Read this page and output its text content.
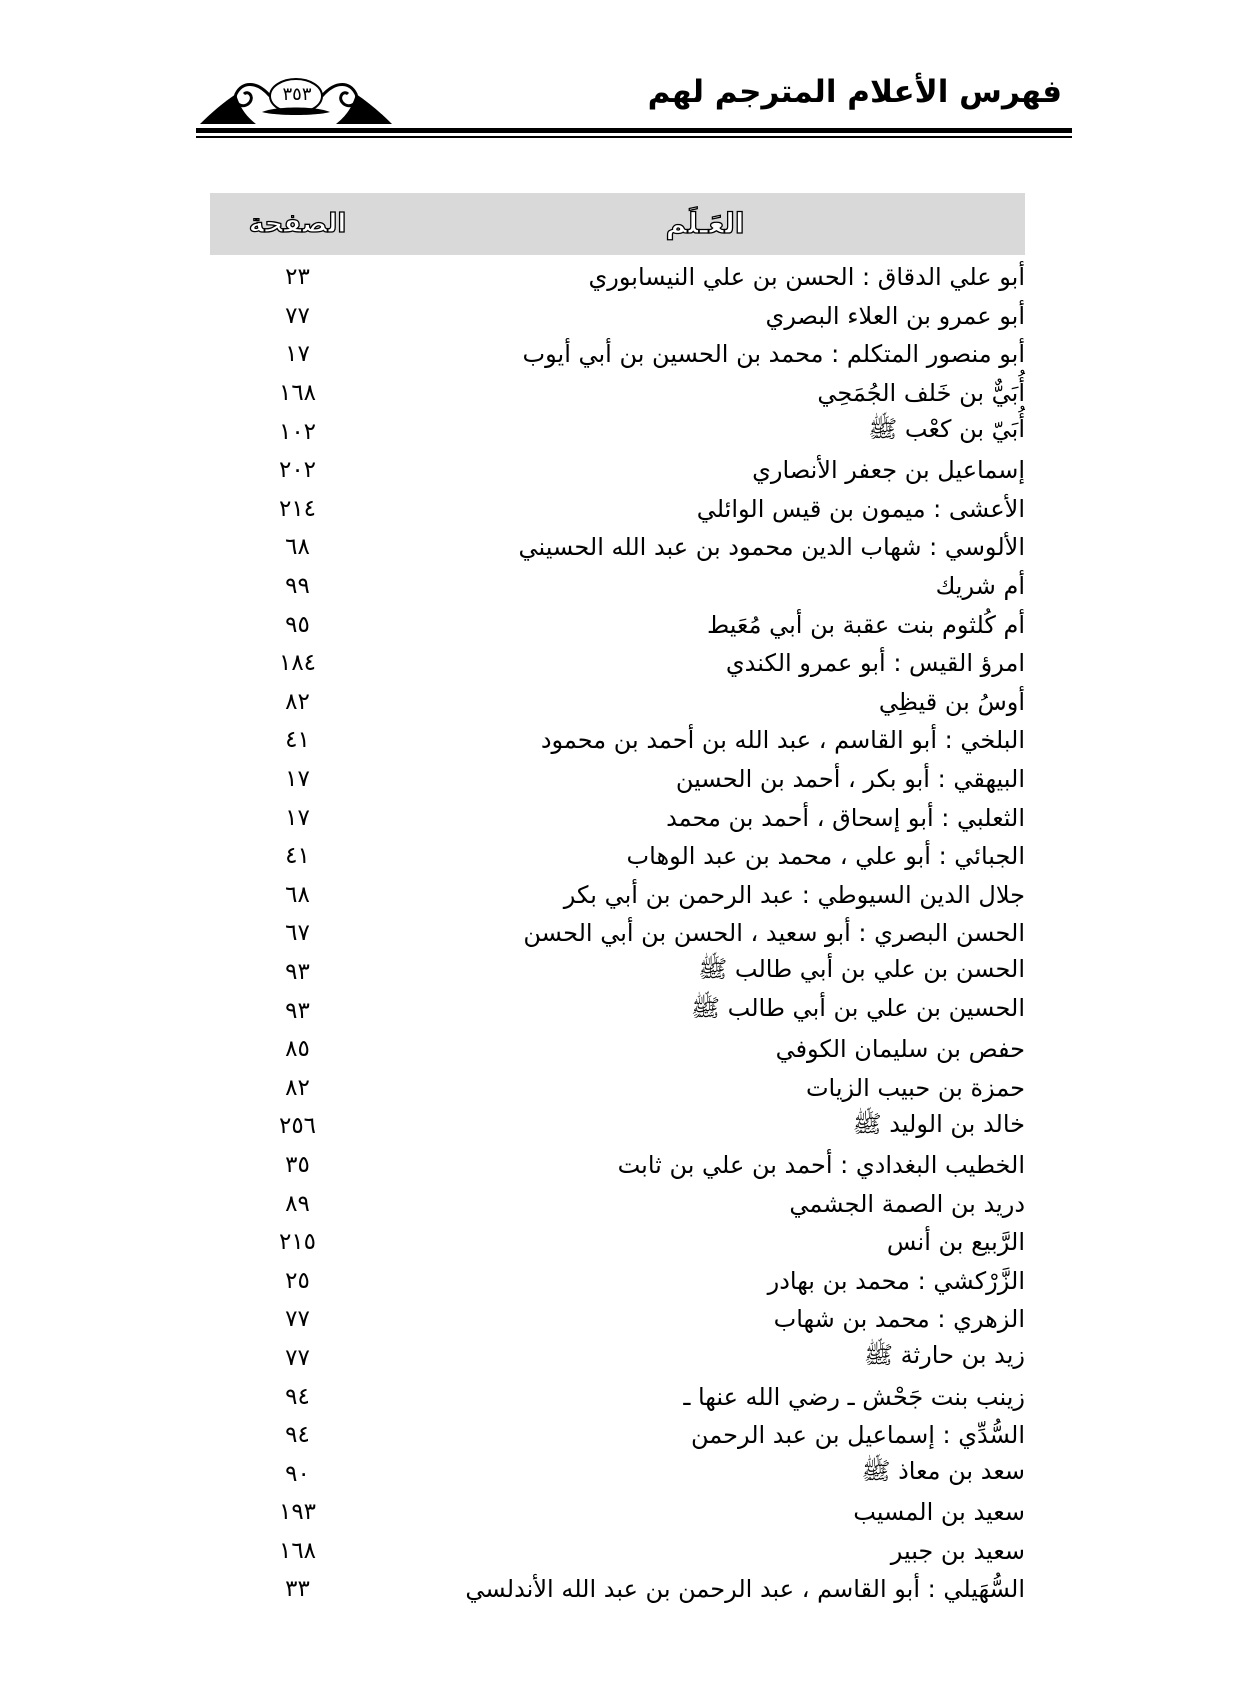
فهرس الأعلام المترجم لهم
٣٥٣
العَـلَم
الصفحة
أبو علي الدقاق : الحسن بن علي النيسابوري
٢٣
أبو عمرو بن العلاء البصري
٧٧
أبو منصور المتكلم : محمد بن الحسين بن أبي أيوب
١٧
أُبَيٌّ بن خَلف الجُمَحِي
١٦٨
أُبَيّ بن كعْب ﷺ
١٠٢
إسماعيل بن جعفر الأنصاري
٢٠٢
الأعشى : ميمون بن قيس الوائلي
٢١٤
الألوسي : شهاب الدين محمود بن عبد الله الحسيني
٦٨
أم شريك
٩٩
أم كُلثوم بنت عقبة بن أبي مُعَيط
٩٥
امرؤ القيس : أبو عمرو الكندي
١٨٤
أوسُ بن قيظِي
٨٢
البلخي : أبو القاسم ، عبد الله بن أحمد بن محمود
٤١
البيهقي : أبو بكر ، أحمد بن الحسين
١٧
الثعلبي : أبو إسحاق ، أحمد بن محمد
١٧
الجبائي : أبو علي ، محمد بن عبد الوهاب
٤١
جلال الدين السيوطي : عبد الرحمن بن أبي بكر
٦٨
الحسن البصري : أبو سعيد ، الحسن بن أبي الحسن
٦٧
الحسن بن علي بن أبي طالب ﷺ
٩٣
الحسين بن علي بن أبي طالب ﷺ
٩٣
حفص بن سليمان الكوفي
٨٥
حمزة بن حبيب الزيات
٨٢
خالد بن الوليد ﷺ
٢٥٦
الخطيب البغدادي : أحمد بن علي بن ثابت
٣٥
دريد بن الصمة الجشمي
٨٩
الرَّبيع بن أنس
٢١٥
الزَّرْكشي : محمد بن بهادر
٢٥
الزهري : محمد بن شهاب
٧٧
زيد بن حارثة ﷺ
٧٧
زينب بنت جَحْش ـ رضي الله عنها ـ
٩٤
السُّدِّي : إسماعيل بن عبد الرحمن
٩٤
سعد بن معاذ ﷺ
٩٠
سعيد بن المسيب
١٩٣
سعيد بن جبير
١٦٨
السُّهَيلي : أبو القاسم ، عبد الرحمن بن عبد الله الأندلسي
٣٣
